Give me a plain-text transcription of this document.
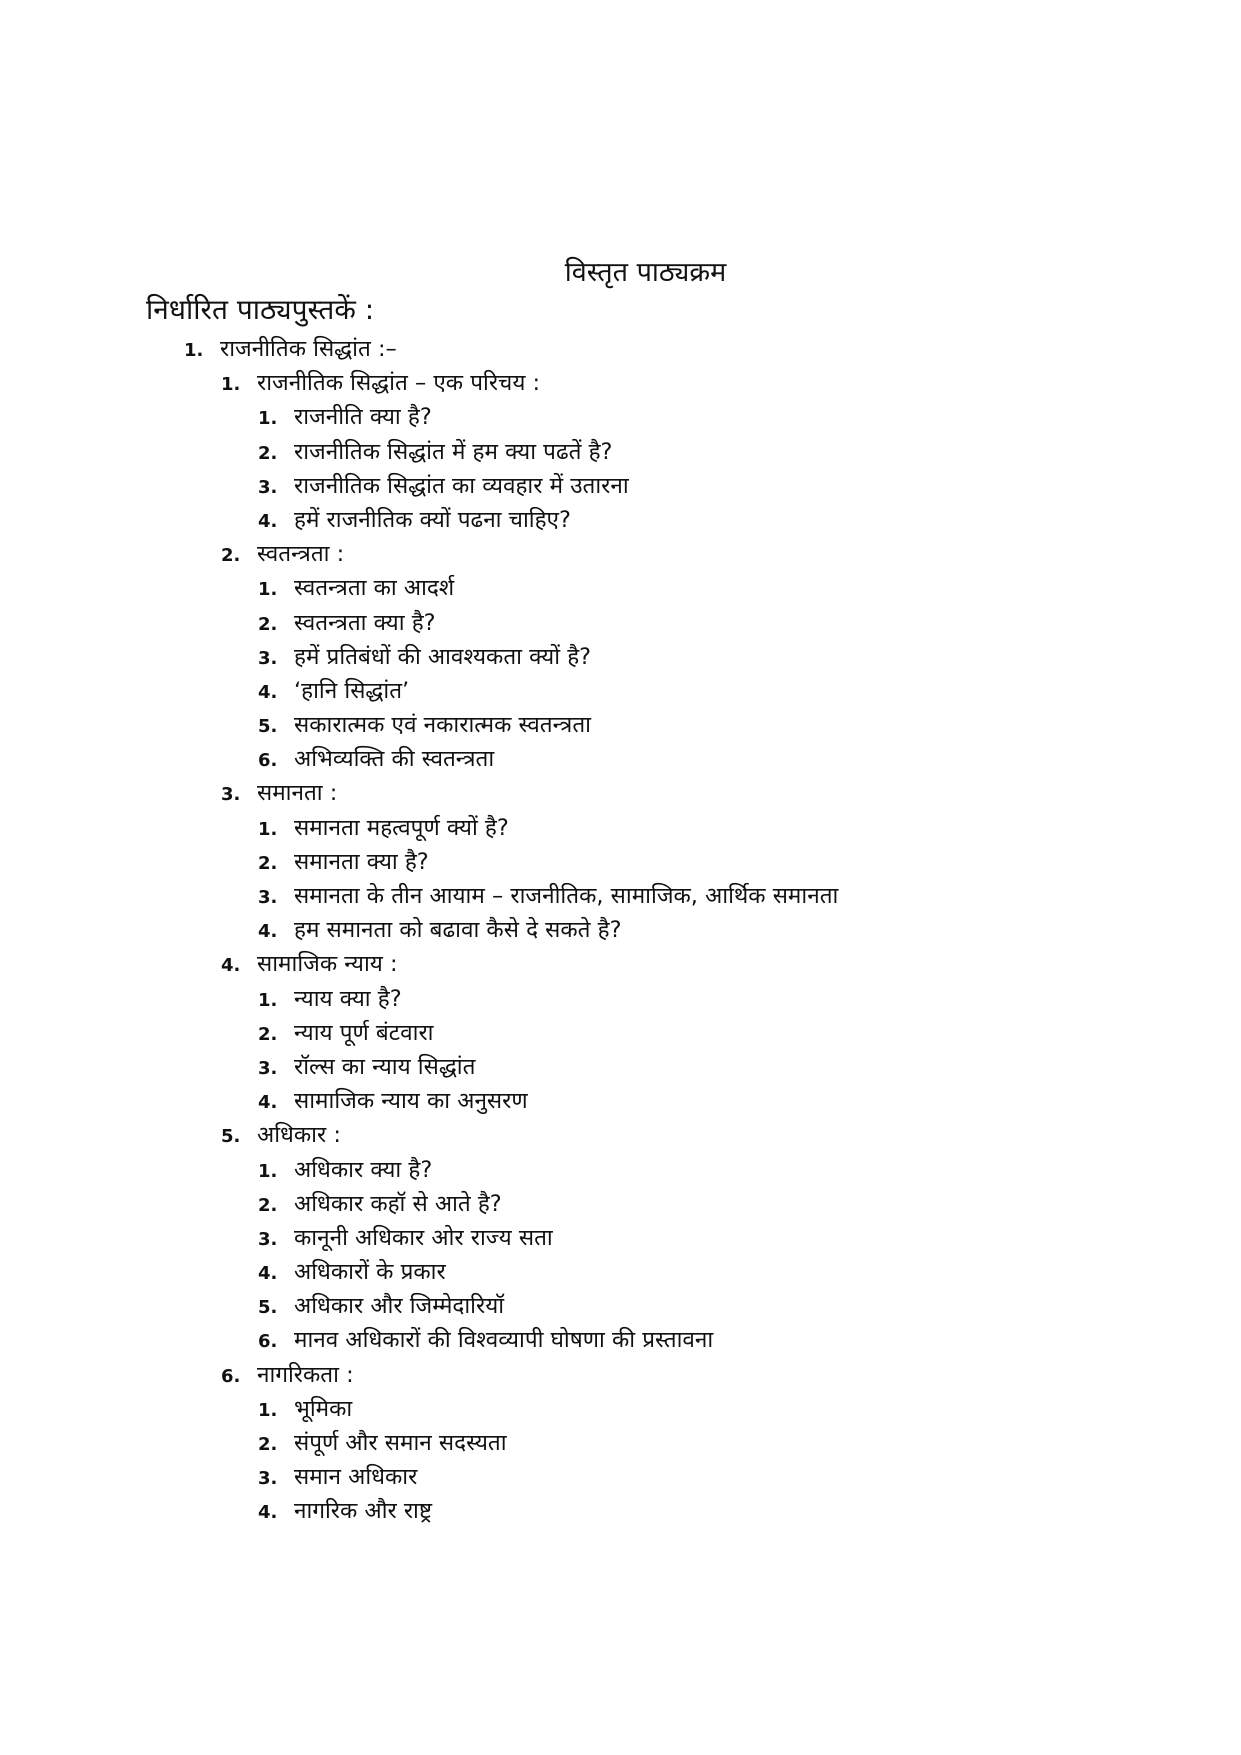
विस्तृत पाठ्यक्रम
निर्धारित पाठ्यपुस्तकें :
1. राजनीतिक सिद्धांत :–
1. राजनीतिक सिद्धांत – एक परिचय :
1. राजनीति क्या है?
2. राजनीतिक सिद्धांत में हम क्या पढतें है?
3. राजनीतिक सिद्धांत का व्यवहार में उतारना
4. हमें राजनीतिक क्यों पढना चाहिए?
2. स्वतन्त्रता :
1. स्वतन्त्रता का आदर्श
2. स्वतन्त्रता क्या है?
3. हमें प्रतिबंधों की आवश्यकता क्यों है?
4. ‘हानि सिद्धांत’
5. सकारात्मक एवं नकारात्मक स्वतन्त्रता
6. अभिव्यक्ति की स्वतन्त्रता
3. समानता :
1. समानता महत्वपूर्ण क्यों है?
2. समानता क्या है?
3. समानता के तीन आयाम – राजनीतिक, सामाजिक, आर्थिक समानता
4. हम समानता को बढावा कैसे दे सकते है?
4. सामाजिक न्याय :
1. न्याय क्या है?
2. न्याय पूर्ण बंटवारा
3. रॉल्स का न्याय सिद्धांत
4. सामाजिक न्याय का अनुसरण
5. अधिकार :
1. अधिकार क्या है?
2. अधिकार कहॉ से आते है?
3. कानूनी अधिकार ओर राज्य सता
4. अधिकारों के प्रकार
5. अधिकार और जिम्मेदारियॉ
6. मानव अधिकारों की विश्वव्यापी घोषणा की प्रस्तावना
6. नागरिकता :
1. भूमिका
2. संपूर्ण और समान सदस्यता
3. समान अधिकार
4. नागरिक और राष्ट्र
